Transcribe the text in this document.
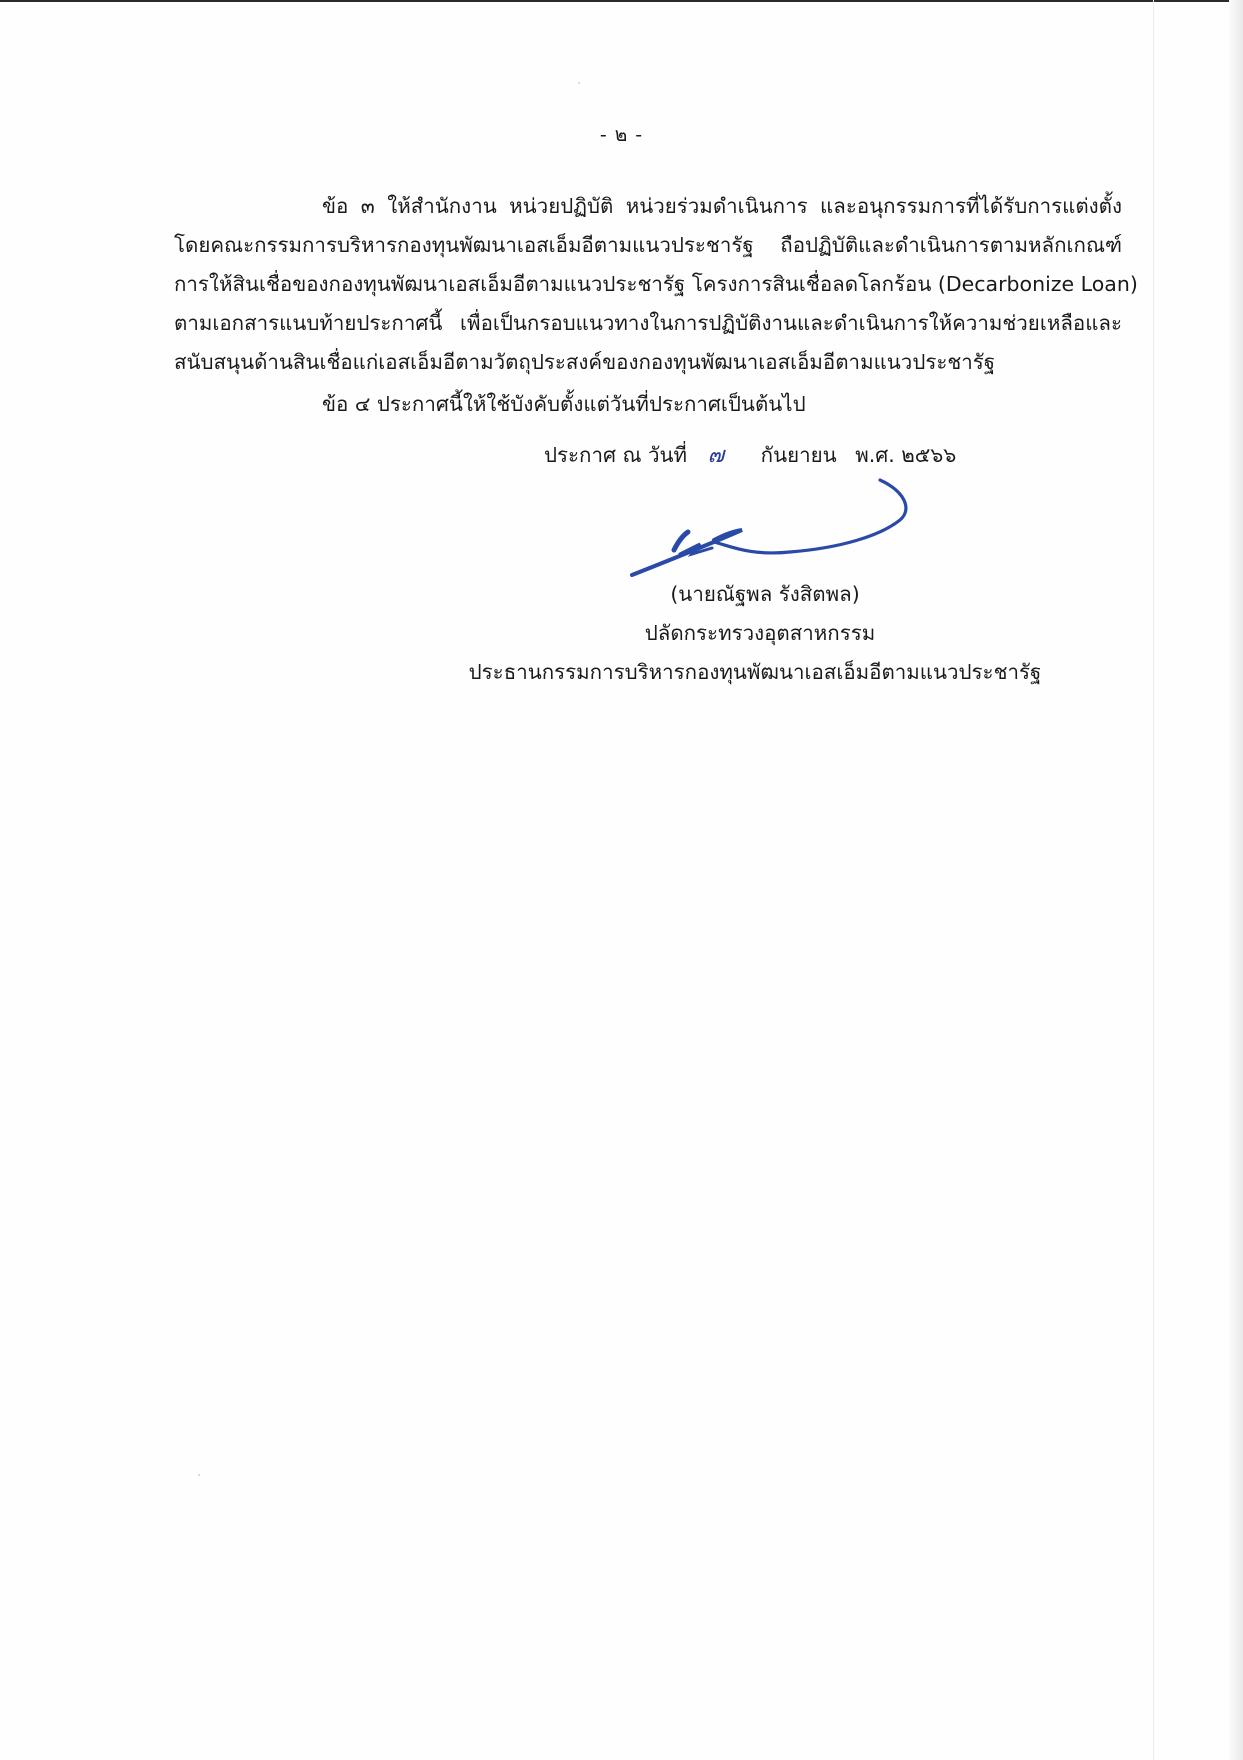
- ๒ -
ข้อ ๓ ให้สำนักงาน หน่วยปฏิบัติ หน่วยร่วมดำเนินการ และอนุกรรมการที่ได้รับการแต่งตั้ง
โดยคณะกรรมการบริหารกองทุนพัฒนาเอสเอ็มอีตามแนวประชารัฐ ถือปฏิบัติและดำเนินการตามหลักเกณฑ์
การให้สินเชื่อของกองทุนพัฒนาเอสเอ็มอีตามแนวประชารัฐ โครงการสินเชื่อลดโลกร้อน (Decarbonize Loan)
ตามเอกสารแนบท้ายประกาศนี้ เพื่อเป็นกรอบแนวทางในการปฏิบัติงานและดำเนินการให้ความช่วยเหลือและ
สนับสนุนด้านสินเชื่อแก่เอสเอ็มอีตามวัตถุประสงค์ของกองทุนพัฒนาเอสเอ็มอีตามแนวประชารัฐ
ข้อ ๔ ประกาศนี้ให้ใช้บังคับตั้งแต่วันที่ประกาศเป็นต้นไป
ประกาศ ณ วันที่ ๗ กันยายน พ.ศ. ๒๕๖๖
(นายณัฐพล รังสิตพล)
ปลัดกระทรวงอุตสาหกรรม
ประธานกรรมการบริหารกองทุนพัฒนาเอสเอ็มอีตามแนวประชารัฐ
